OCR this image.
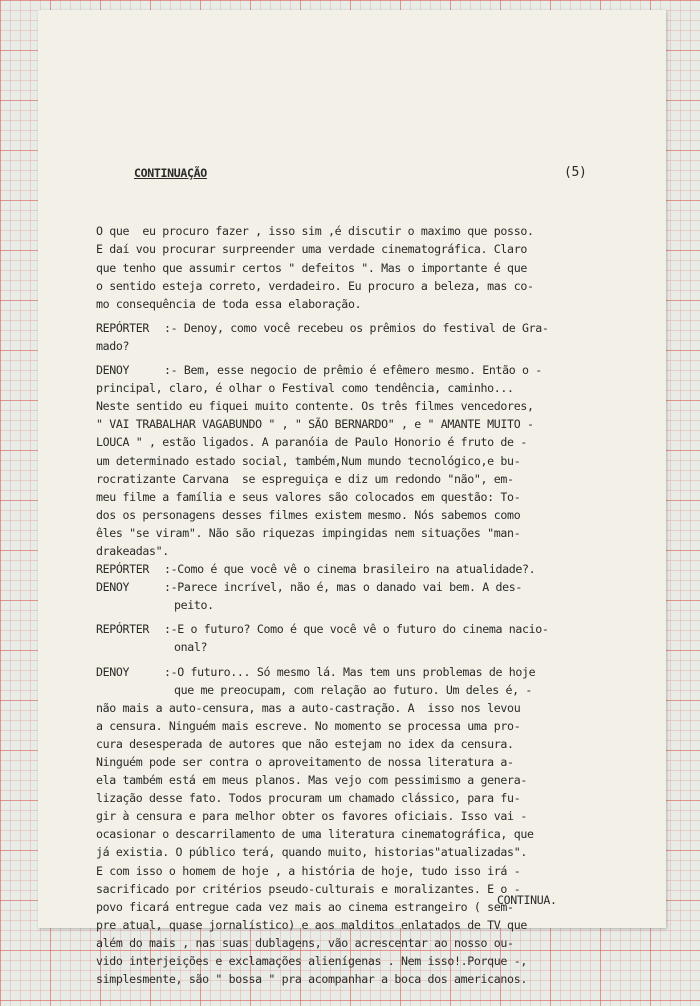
CONTINUAÇÃO

	(5)

O que  eu procuro fazer , isso sim ,é discutir o maximo que posso.
E daí vou procurar surpreender uma verdade cinematográfica. Claro
que tenho que assumir certos " defeitos ". Mas o importante é que
o sentido esteja correto, verdadeiro. Eu procuro a beleza, mas co-
mo consequência de toda essa elaboração.
REPÓRTER :- Denoy, como você recebeu os prêmios do festival de Gra-
mado?
DENOY	:- Bem, esse negocio de prêmio é efêmero mesmo. Então o -
principal, claro, é olhar o Festival como tendência, caminho...
Neste sentido eu fiquei muito contente. Os três filmes vencedores,
" VAI TRABALHAR VAGABUNDO " , " SÃO BERNARDO" , e " AMANTE MUITO -
LOUCA " , estão ligados. A paranóia de Paulo Honorio é fruto de -
um determinado estado social, também,Num mundo tecnológico,e bu-
rocratizante Carvana  se espreguiça e diz um redondo "não", em-
meu filme a família e seus valores são colocados em questão: To-
dos os personagens desses filmes existem mesmo. Nós sabemos como
êles "se viram". Não são riquezas impingidas nem situações "man-
drakeadas".
REPÓRTER :-Como é que você vê o cinema brasileiro na atualidade?.
DENOY	:-Parece incrível, não é, mas o danado vai bem. A des-
peito.
REPÓRTER :-E o futuro? Como é que você vê o futuro do cinema nacio-
onal?
DENOY	:-O futuro... Só mesmo lá. Mas tem uns problemas de hoje
que me preocupam, com relação ao futuro. Um deles é, -
não mais a auto-censura, mas a auto-castração. A  isso nos levou
a censura. Ninguém mais escreve. No momento se processa uma pro-
cura desesperada de autores que não estejam no idex da censura.
Ninguém pode ser contra o aproveitamento de nossa literatura a-
ela também está em meus planos. Mas vejo com pessimismo a genera-
lização desse fato. Todos procuram um chamado clássico, para fu-
gir à censura e para melhor obter os favores oficiais. Isso vai -
ocasionar o descarrilamento de uma literatura cinematográfica, que
já existia. O público terá, quando muito, historias"atualizadas".
E com isso o homem de hoje , a história de hoje, tudo isso irá -
sacrificado por critérios pseudo-culturais e moralizantes. E o -
povo ficará entregue cada vez mais ao cinema estrangeiro ( sem-
pre atual, quase jornalístico) e aos malditos enlatados de TV que
além do mais , nas suas dublagens, vão acrescentar ao nosso ou-
vido interjeições e exclamações alienígenas . Nem isso!.Porque -,
simplesmente, são " bossa " pra acompanhar a boca dos americanos.

CONTINUA.
